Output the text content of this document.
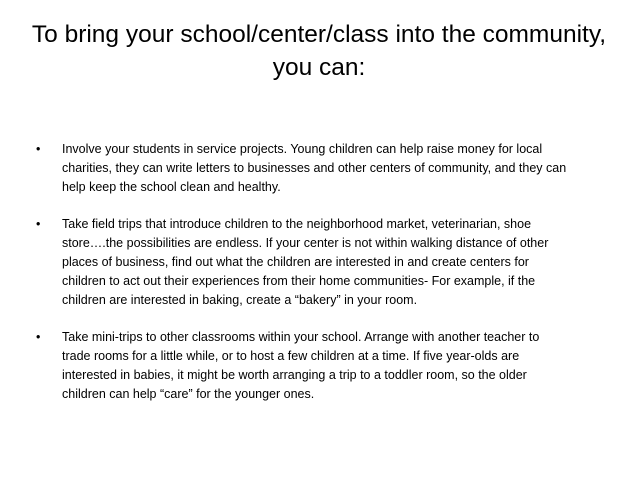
To bring your school/center/class into the community,
you can:
•	Involve your students in service projects. Young children can help raise money for local
charities, they can write letters to businesses and other centers of community, and they can
help keep the school clean and healthy.
•	Take field trips that introduce children to the neighborhood market, veterinarian, shoe
store….the possibilities are endless. If your center is not within walking distance of other
places of business, find out what the children are interested in and create centers for
children to act out their experiences from their home communities- For example, if the
children are interested in baking, create a “bakery” in your room.
•	Take mini-trips to other classrooms within your school. Arrange with another teacher to
trade rooms for a little while, or to host a few children at a time. If five year-olds are
interested in babies, it might be worth arranging a trip to a toddler room, so the older
children can help “care” for the younger ones.
